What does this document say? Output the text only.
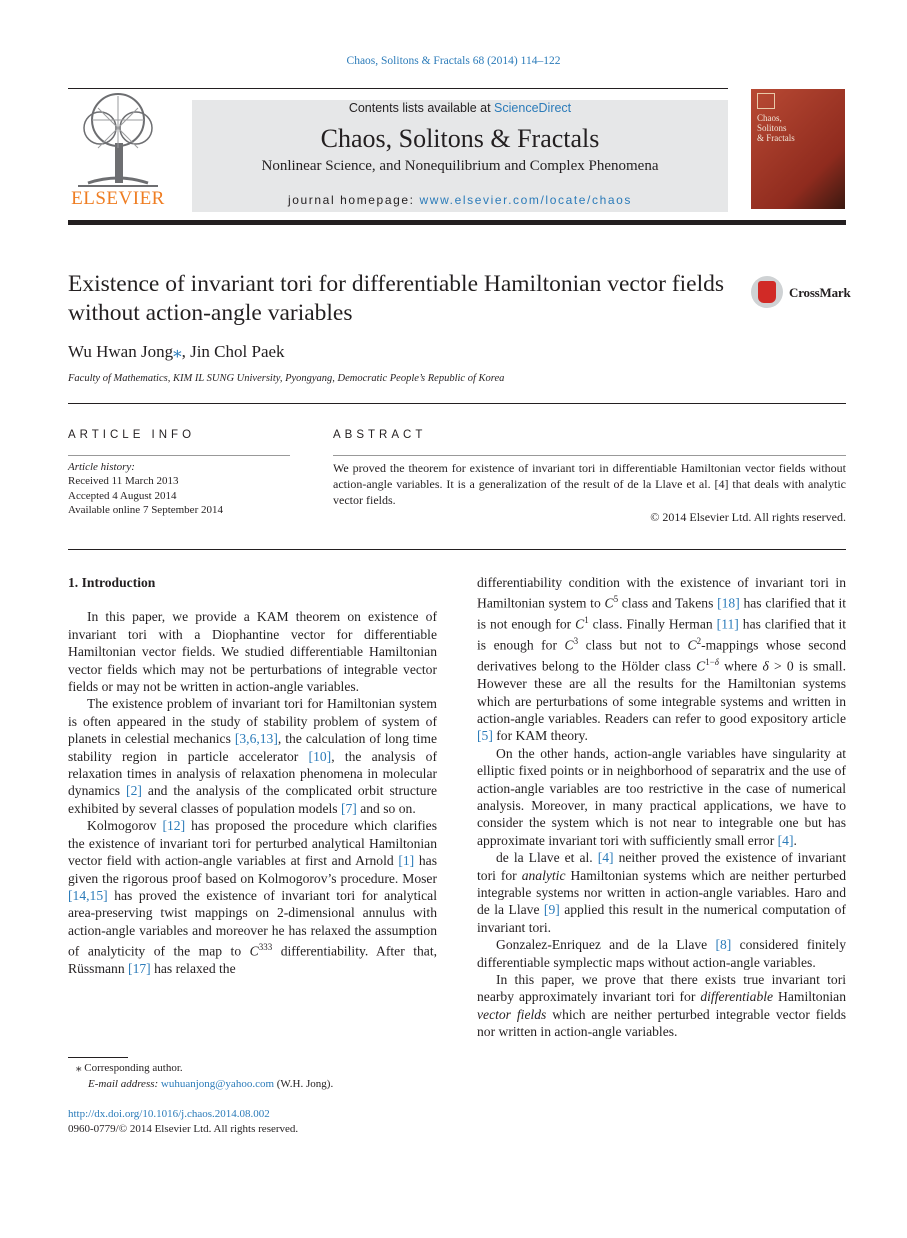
Chaos, Solitons & Fractals 68 (2014) 114–122
ELSEVIER
Contents lists available at ScienceDirect
Chaos, Solitons & Fractals
Nonlinear Science, and Nonequilibrium and Complex Phenomena
journal homepage: www.elsevier.com/locate/chaos
Chaos,
Solitons
& Fractals
Existence of invariant tori for differentiable Hamiltonian vector fields without action-angle variables
CrossMark
Wu Hwan Jong⁎, Jin Chol Paek
Faculty of Mathematics, KIM IL SUNG University, Pyongyang, Democratic People’s Republic of Korea
ARTICLE INFO
Article history:
Received 11 March 2013
Accepted 4 August 2014
Available online 7 September 2014
ABSTRACT
We proved the theorem for existence of invariant tori in differentiable Hamiltonian vector fields without action-angle variables. It is a generalization of the result of de la Llave et al. [4] that deals with analytic vector fields.
© 2014 Elsevier Ltd. All rights reserved.
1. Introduction

In this paper, we provide a KAM theorem on existence of invariant tori with a Diophantine vector for differentiable Hamiltonian vector fields. We studied differentiable Hamiltonian vector fields which may not be perturbations of integrable vector fields or may not be written in action-angle variables.

The existence problem of invariant tori for Hamiltonian system is often appeared in the study of stability problem of system of planets in celestial mechanics [3,6,13], the calculation of long time stability region in particle accelerator [10], the analysis of relaxation times in analysis of relaxation phenomena in molecular dynamics [2] and the analysis of the complicated orbit structure exhibited by several classes of population models [7] and so on.

Kolmogorov [12] has proposed the procedure which clarifies the existence of invariant tori for perturbed analytical Hamiltonian vector field with action-angle variables at first and Arnold [1] has given the rigorous proof based on Kolmogorov’s procedure. Moser [14,15] has proved the existence of invariant tori for analytical area-preserving twist mappings on 2-dimensional annulus with action-angle variables and moreover he has relaxed the assumption of analyticity of the map to $C^{333}$ differentiability. After that, Rüssmann [17] has relaxed the

differentiability condition with the existence of invariant tori in Hamiltonian system to $C^5$ class and Takens [18] has clarified that it is not enough for $C^1$ class. Finally Herman [11] has clarified that it is enough for $C^3$ class but not to $C^2$-mappings whose second derivatives belong to the Hölder class $C^{1-\delta}$ where δ > 0 is small. However these are all the results for the Hamiltonian systems which are perturbations of some integrable systems and written in action-angle variables. Readers can refer to good expository article [5] for KAM theory.

On the other hands, action-angle variables have singularity at elliptic fixed points or in neighborhood of separatrix and the use of action-angle variables are too restrictive in the case of numerical analysis. Moreover, in many practical applications, we have to consider the system which is not near to integrable one but has approximate invariant tori with sufficiently small error [4].

de la Llave et al. [4] neither proved the existence of invariant tori for analytic Hamiltonian systems which are neither perturbed integrable systems nor written in action-angle variables. Haro and de la Llave [9] applied this result in the numerical computation of invariant tori.

Gonzalez-Enriquez and de la Llave [8] considered finitely differentiable symplectic maps without action-angle variables.

In this paper, we prove that there exists true invariant tori nearby approximately invariant tori for differentiable Hamiltonian vector fields which are neither perturbed integrable vector fields nor written in action-angle variables.

⁎ Corresponding author.
E-mail address: wuhuanjong@yahoo.com (W.H. Jong).
http://dx.doi.org/10.1016/j.chaos.2014.08.002
0960-0779/© 2014 Elsevier Ltd. All rights reserved.
